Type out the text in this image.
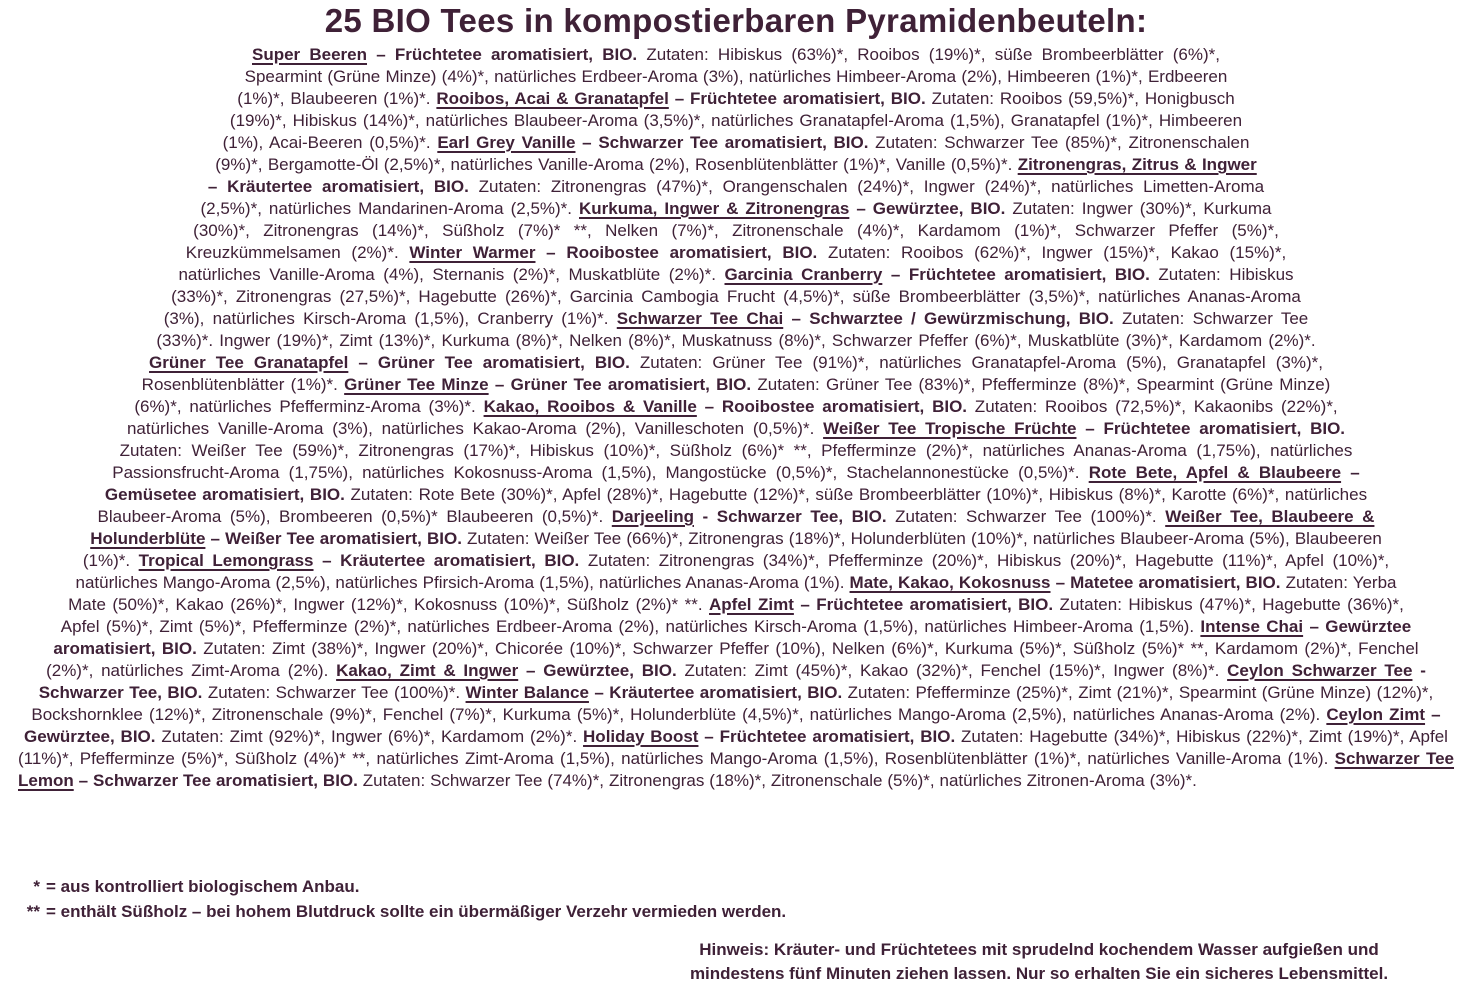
25 BIO Tees in kompostierbaren Pyramidenbeuteln:
Super Beeren – Früchtetee aromatisiert, BIO. Zutaten: Hibiskus (63%)*, Rooibos (19%)*, süße Brombeerblätter (6%)*, Spearmint (Grüne Minze) (4%)*, natürliches Erdbeer-Aroma (3%), natürliches Himbeer-Aroma (2%), Himbeeren (1%)*, Erdbeeren (1%)*, Blaubeeren (1%)*. Rooibos, Acai & Granatapfel – Früchtetee aromatisiert, BIO. Zutaten: Rooibos (59,5%)*, Honigbusch (19%)*, Hibiskus (14%)*, natürliches Blaubeer-Aroma (3,5%)*, natürliches Granatapfel-Aroma (1,5%), Granatapfel (1%)*, Himbeeren (1%), Acai-Beeren (0,5%)*. Earl Grey Vanille – Schwarzer Tee aromatisiert, BIO. Zutaten: Schwarzer Tee (85%)*, Zitronenschalen (9%)*, Bergamotte-Öl (2,5%)*, natürliches Vanille-Aroma (2%), Rosenblütenblätter (1%)*, Vanille (0,5%)*. Zitronengras, Zitrus & Ingwer – Kräutertee aromatisiert, BIO. Zutaten: Zitronengras (47%)*, Orangenschalen (24%)*, Ingwer (24%)*, natürliches Limetten-Aroma (2,5%)*, natürliches Mandarinen-Aroma (2,5%)*. Kurkuma, Ingwer & Zitronengras – Gewürztee, BIO. Zutaten: Ingwer (30%)*, Kurkuma (30%)*, Zitronengras (14%)*, Süßholz (7%)* **, Nelken (7%)*, Zitronenschale (4%)*, Kardamom (1%)*, Schwarzer Pfeffer (5%)*, Kreuzkümmelsamen (2%)*. Winter Warmer – Rooibostee aromatisiert, BIO. Zutaten: Rooibos (62%)*, Ingwer (15%)*, Kakao (15%)*, natürliches Vanille-Aroma (4%), Sternanis (2%)*, Muskatblüte (2%)*. Garcinia Cranberry – Früchtetee aromatisiert, BIO. Zutaten: Hibiskus (33%)*, Zitronengras (27,5%)*, Hagebutte (26%)*, Garcinia Cambogia Frucht (4,5%)*, süße Brombeerblätter (3,5%)*, natürliches Ananas-Aroma (3%), natürliches Kirsch-Aroma (1,5%), Cranberry (1%)*. Schwarzer Tee Chai – Schwarztee / Gewürzmischung, BIO. Zutaten: Schwarzer Tee (33%)*. Ingwer (19%)*, Zimt (13%)*, Kurkuma (8%)*, Nelken (8%)*, Muskatnuss (8%)*, Schwarzer Pfeffer (6%)*, Muskatblüte (3%)*, Kardamom (2%)*. Grüner Tee Granatapfel – Grüner Tee aromatisiert, BIO. Zutaten: Grüner Tee (91%)*, natürliches Granatapfel-Aroma (5%), Granatapfel (3%)*, Rosenblütenblätter (1%)*. Grüner Tee Minze – Grüner Tee aromatisiert, BIO. Zutaten: Grüner Tee (83%)*, Pfefferminze (8%)*, Spearmint (Grüne Minze) (6%)*, natürliches Pfefferminz-Aroma (3%)*. Kakao, Rooibos & Vanille – Rooibostee aromatisiert, BIO. Zutaten: Rooibos (72,5%)*, Kakaonibs (22%)*, natürliches Vanille-Aroma (3%), natürliches Kakao-Aroma (2%), Vanilleschoten (0,5%)*. Weißer Tee Tropische Früchte – Früchtetee aromatisiert, BIO. Zutaten: Weißer Tee (59%)*, Zitronengras (17%)*, Hibiskus (10%)*, Süßholz (6%)* **, Pfefferminze (2%)*, natürliches Ananas-Aroma (1,75%), natürliches Passionsfrucht-Aroma (1,75%), natürliches Kokosnuss-Aroma (1,5%), Mangostücke (0,5%)*, Stachelannonestücke (0,5%)*. Rote Bete, Apfel & Blaubeere – Gemüsetee aromatisiert, BIO. Zutaten: Rote Bete (30%)*, Apfel (28%)*, Hagebutte (12%)*, süße Brombeerblätter (10%)*, Hibiskus (8%)*, Karotte (6%)*, natürliches Blaubeer-Aroma (5%), Brombeeren (0,5%)* Blaubeeren (0,5%)*. Darjeeling - Schwarzer Tee, BIO. Zutaten: Schwarzer Tee (100%)*. Weißer Tee, Blaubeere & Holunderblüte – Weißer Tee aromatisiert, BIO. Zutaten: Weißer Tee (66%)*, Zitronengras (18%)*, Holunderblüten (10%)*, natürliches Blaubeer-Aroma (5%), Blaubeeren (1%)*. Tropical Lemongrass – Kräutertee aromatisiert, BIO. Zutaten: Zitronengras (34%)*, Pfefferminze (20%)*, Hibiskus (20%)*, Hagebutte (11%)*, Apfel (10%)*, natürliches Mango-Aroma (2,5%), natürliches Pfirsich-Aroma (1,5%), natürliches Ananas-Aroma (1%). Mate, Kakao, Kokosnuss – Matetee aromatisiert, BIO. Zutaten: Yerba Mate (50%)*, Kakao (26%)*, Ingwer (12%)*, Kokosnuss (10%)*, Süßholz (2%)* **. Apfel Zimt – Früchtetee aromatisiert, BIO. Zutaten: Hibiskus (47%)*, Hagebutte (36%)*, Apfel (5%)*, Zimt (5%)*, Pfefferminze (2%)*, natürliches Erdbeer-Aroma (2%), natürliches Kirsch-Aroma (1,5%), natürliches Himbeer-Aroma (1,5%). Intense Chai – Gewürztee aromatisiert, BIO. Zutaten: Zimt (38%)*, Ingwer (20%)*, Chicorée (10%)*, Schwarzer Pfeffer (10%), Nelken (6%)*, Kurkuma (5%)*, Süßholz (5%)* **, Kardamom (2%)*, Fenchel (2%)*, natürliches Zimt-Aroma (2%). Kakao, Zimt & Ingwer – Gewürztee, BIO. Zutaten: Zimt (45%)*, Kakao (32%)*, Fenchel (15%)*, Ingwer (8%)*. Ceylon Schwarzer Tee - Schwarzer Tee, BIO. Zutaten: Schwarzer Tee (100%)*. Winter Balance – Kräutertee aromatisiert, BIO. Zutaten: Pfefferminze (25%)*, Zimt (21%)*, Spearmint (Grüne Minze) (12%)*, Bockshornklee (12%)*, Zitronenschale (9%)*, Fenchel (7%)*, Kurkuma (5%)*, Holunderblüte (4,5%)*, natürliches Mango-Aroma (2,5%), natürliches Ananas-Aroma (2%). Ceylon Zimt – Gewürztee, BIO. Zutaten: Zimt (92%)*, Ingwer (6%)*, Kardamom (2%)*. Holiday Boost – Früchtetee aromatisiert, BIO. Zutaten: Hagebutte (34%)*, Hibiskus (22%)*, Zimt (19%)*, Apfel (11%)*, Pfefferminze (5%)*, Süßholz (4%)* **, natürliches Zimt-Aroma (1,5%), natürliches Mango-Aroma (1,5%), Rosenblütenblätter (1%)*, natürliches Vanille-Aroma (1%). Schwarzer Tee Lemon – Schwarzer Tee aromatisiert, BIO. Zutaten: Schwarzer Tee (74%)*, Zitronengras (18%)*, Zitronenschale (5%)*, natürliches Zitronen-Aroma (3%)*.
* = aus kontrolliert biologischem Anbau.
** = enthält Süßholz – bei hohem Blutdruck sollte ein übermäßiger Verzehr vermieden werden.
Hinweis: Kräuter- und Früchtetees mit sprudelnd kochendem Wasser aufgießen und
mindestens fünf Minuten ziehen lassen. Nur so erhalten Sie ein sicheres Lebensmittel.
